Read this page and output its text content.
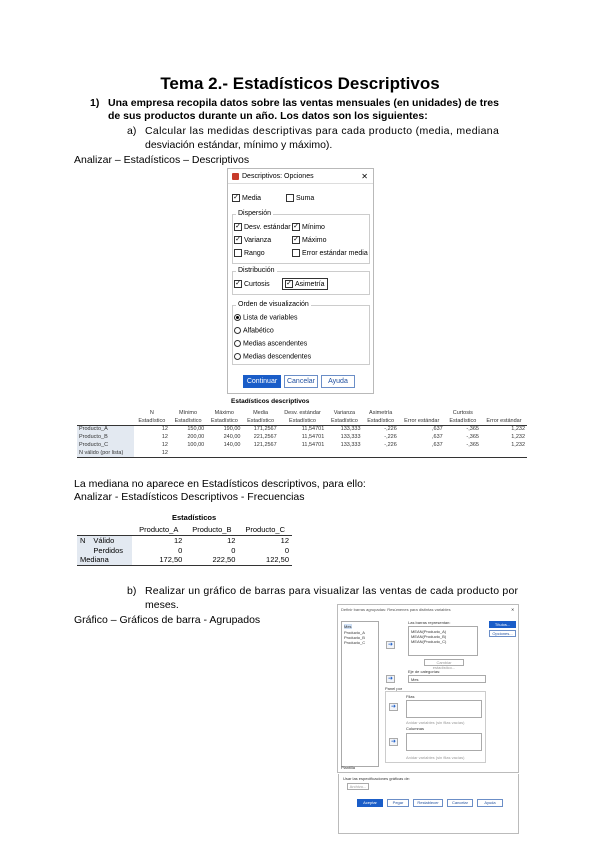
Tema 2.- Estadísticos Descriptivos
1) Una empresa recopila datos sobre las ventas mensuales (en unidades) de tres
de sus productos durante un año. Los datos son los siguientes:
a) Calcular las medidas descriptivas para cada producto (media, mediana
desviación estándar, mínimo y máximo).
Analizar – Estadísticos – Descriptivos
Descriptivos: Opciones	✕
✓ Media	Suma
Dispersión
✓ Desv. estándar ✓ Mínimo
✓ Varianza	✓ Máximo
Rango	Error estándar media
Distribución
✓ Curtosis	✓ Asimetría
Orden de visualización
Lista de variables
Alfabético
Medias ascendentes
Medias descendentes
Continuar	Cancelar	Ayuda
Estadísticos descriptivos
	N	Mínimo	Máximo	Media	Desv. estándar	Varianza	Asimetría		Curtosis	
	Estadístico	Estadístico	Estadístico	Estadístico	Estadístico	Estadístico	Estadístico	Error estándar	Estadístico	Error estándar
Producto_A	12	150,00	190,00	171,2567	11,54701	133,333	-,226	,637	-,365	1,232
Producto_B	12	200,00	240,00	221,2567	11,54701	133,333	-,226	,637	-,365	1,232
Producto_C	12	100,00	140,00	121,2567	11,54701	133,333	-,226	,637	-,365	1,232
N válido (por lista)	12									
La mediana no aparece en Estadísticos descriptivos, para ello:
Analizar - Estadísticos Descriptivos - Frecuencias
Estadísticos
		Producto_A	Producto_B	Producto_C
N	Válido	12	12	12
	Perdidos	0	0	0
Mediana		172,50	222,50	122,50
b) Realizar un gráfico de barras para visualizar las ventas de cada producto por
meses.
Gráfico – Gráficos de barra - Agrupados
Definir barras agrupadas: Resúmenes para distintas variables	✕
Mes
Producto_A
Producto_B
Producto_C	➜
Las barras representan:
MEAN(Producto_A)
MEAN(Producto_B)
MEAN(Producto_C)
Cambiar estadístico...
Eje de categorías:
➜	Mes
Panel por
Filas
➜
Anidar variables (sin filas vacías)
Columnas
➜
Anidar variables (sin filas vacías)
Plantilla
Títulos...
Opciones...
Usar las especificaciones gráficas de:
Archivo...
Aceptar	Pegar	Restablecer	Cancelar	Ayuda
